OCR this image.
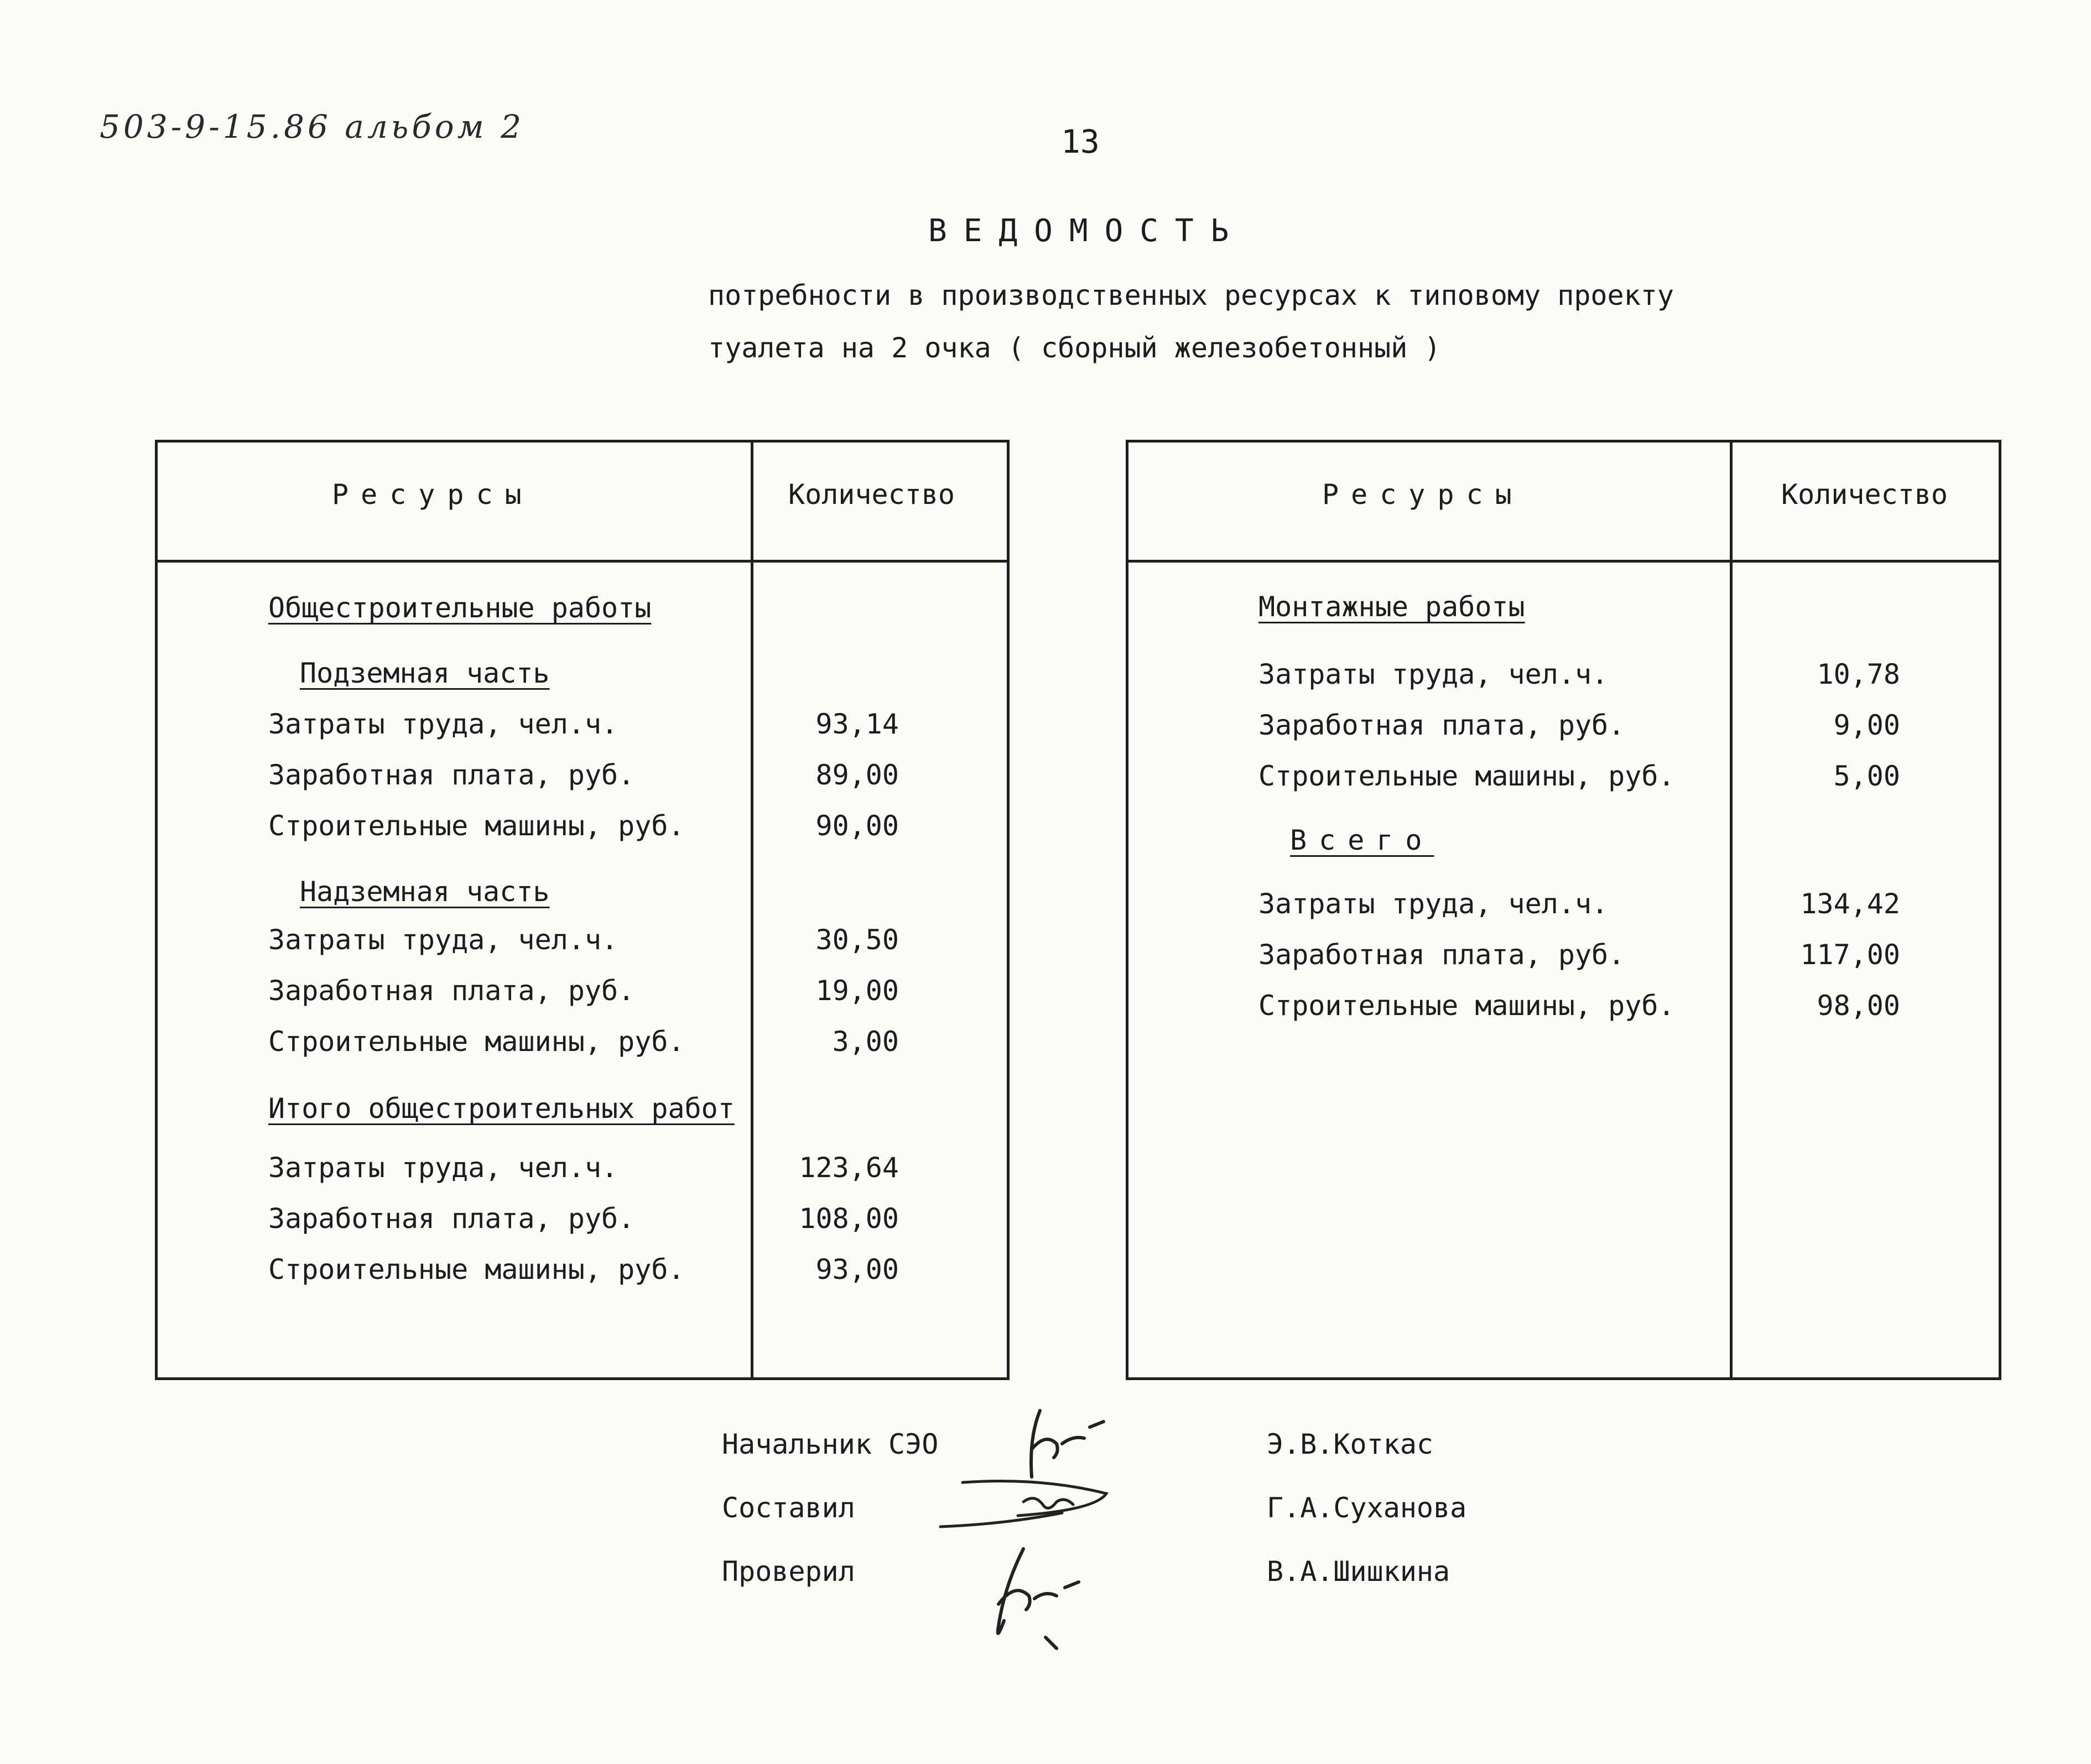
503-9-15.86 альбом 2	13
ВЕДОМОСТЬ
потребности в производственных ресурсах к типовому проекту
туалета на 2 очка ( сборный железобетонный )
Ресурсы	Количество
Общестроительные работы
Подземная часть
Затраты труда, чел.ч.	93,14
Заработная плата, руб.	89,00
Строительные машины, руб.	90,00
Надземная часть
Затраты труда, чел.ч.	30,50
Заработная плата, руб.	19,00
Строительные машины, руб.	3,00
Итого общестроительных работ
Затраты труда, чел.ч.	123,64
Заработная плата, руб.	108,00
Строительные машины, руб.	93,00
Ресурсы	Количество
Монтажные работы
Затраты труда, чел.ч.	10,78
Заработная плата, руб.	9,00
Строительные машины, руб.	5,00
Всего
Затраты труда, чел.ч.	134,42
Заработная плата, руб.	117,00
Строительные машины, руб.	98,00
Начальник СЭО
Составил
Проверил
Э.В.Коткас
Г.А.Суханова
В.А.Шишкина
